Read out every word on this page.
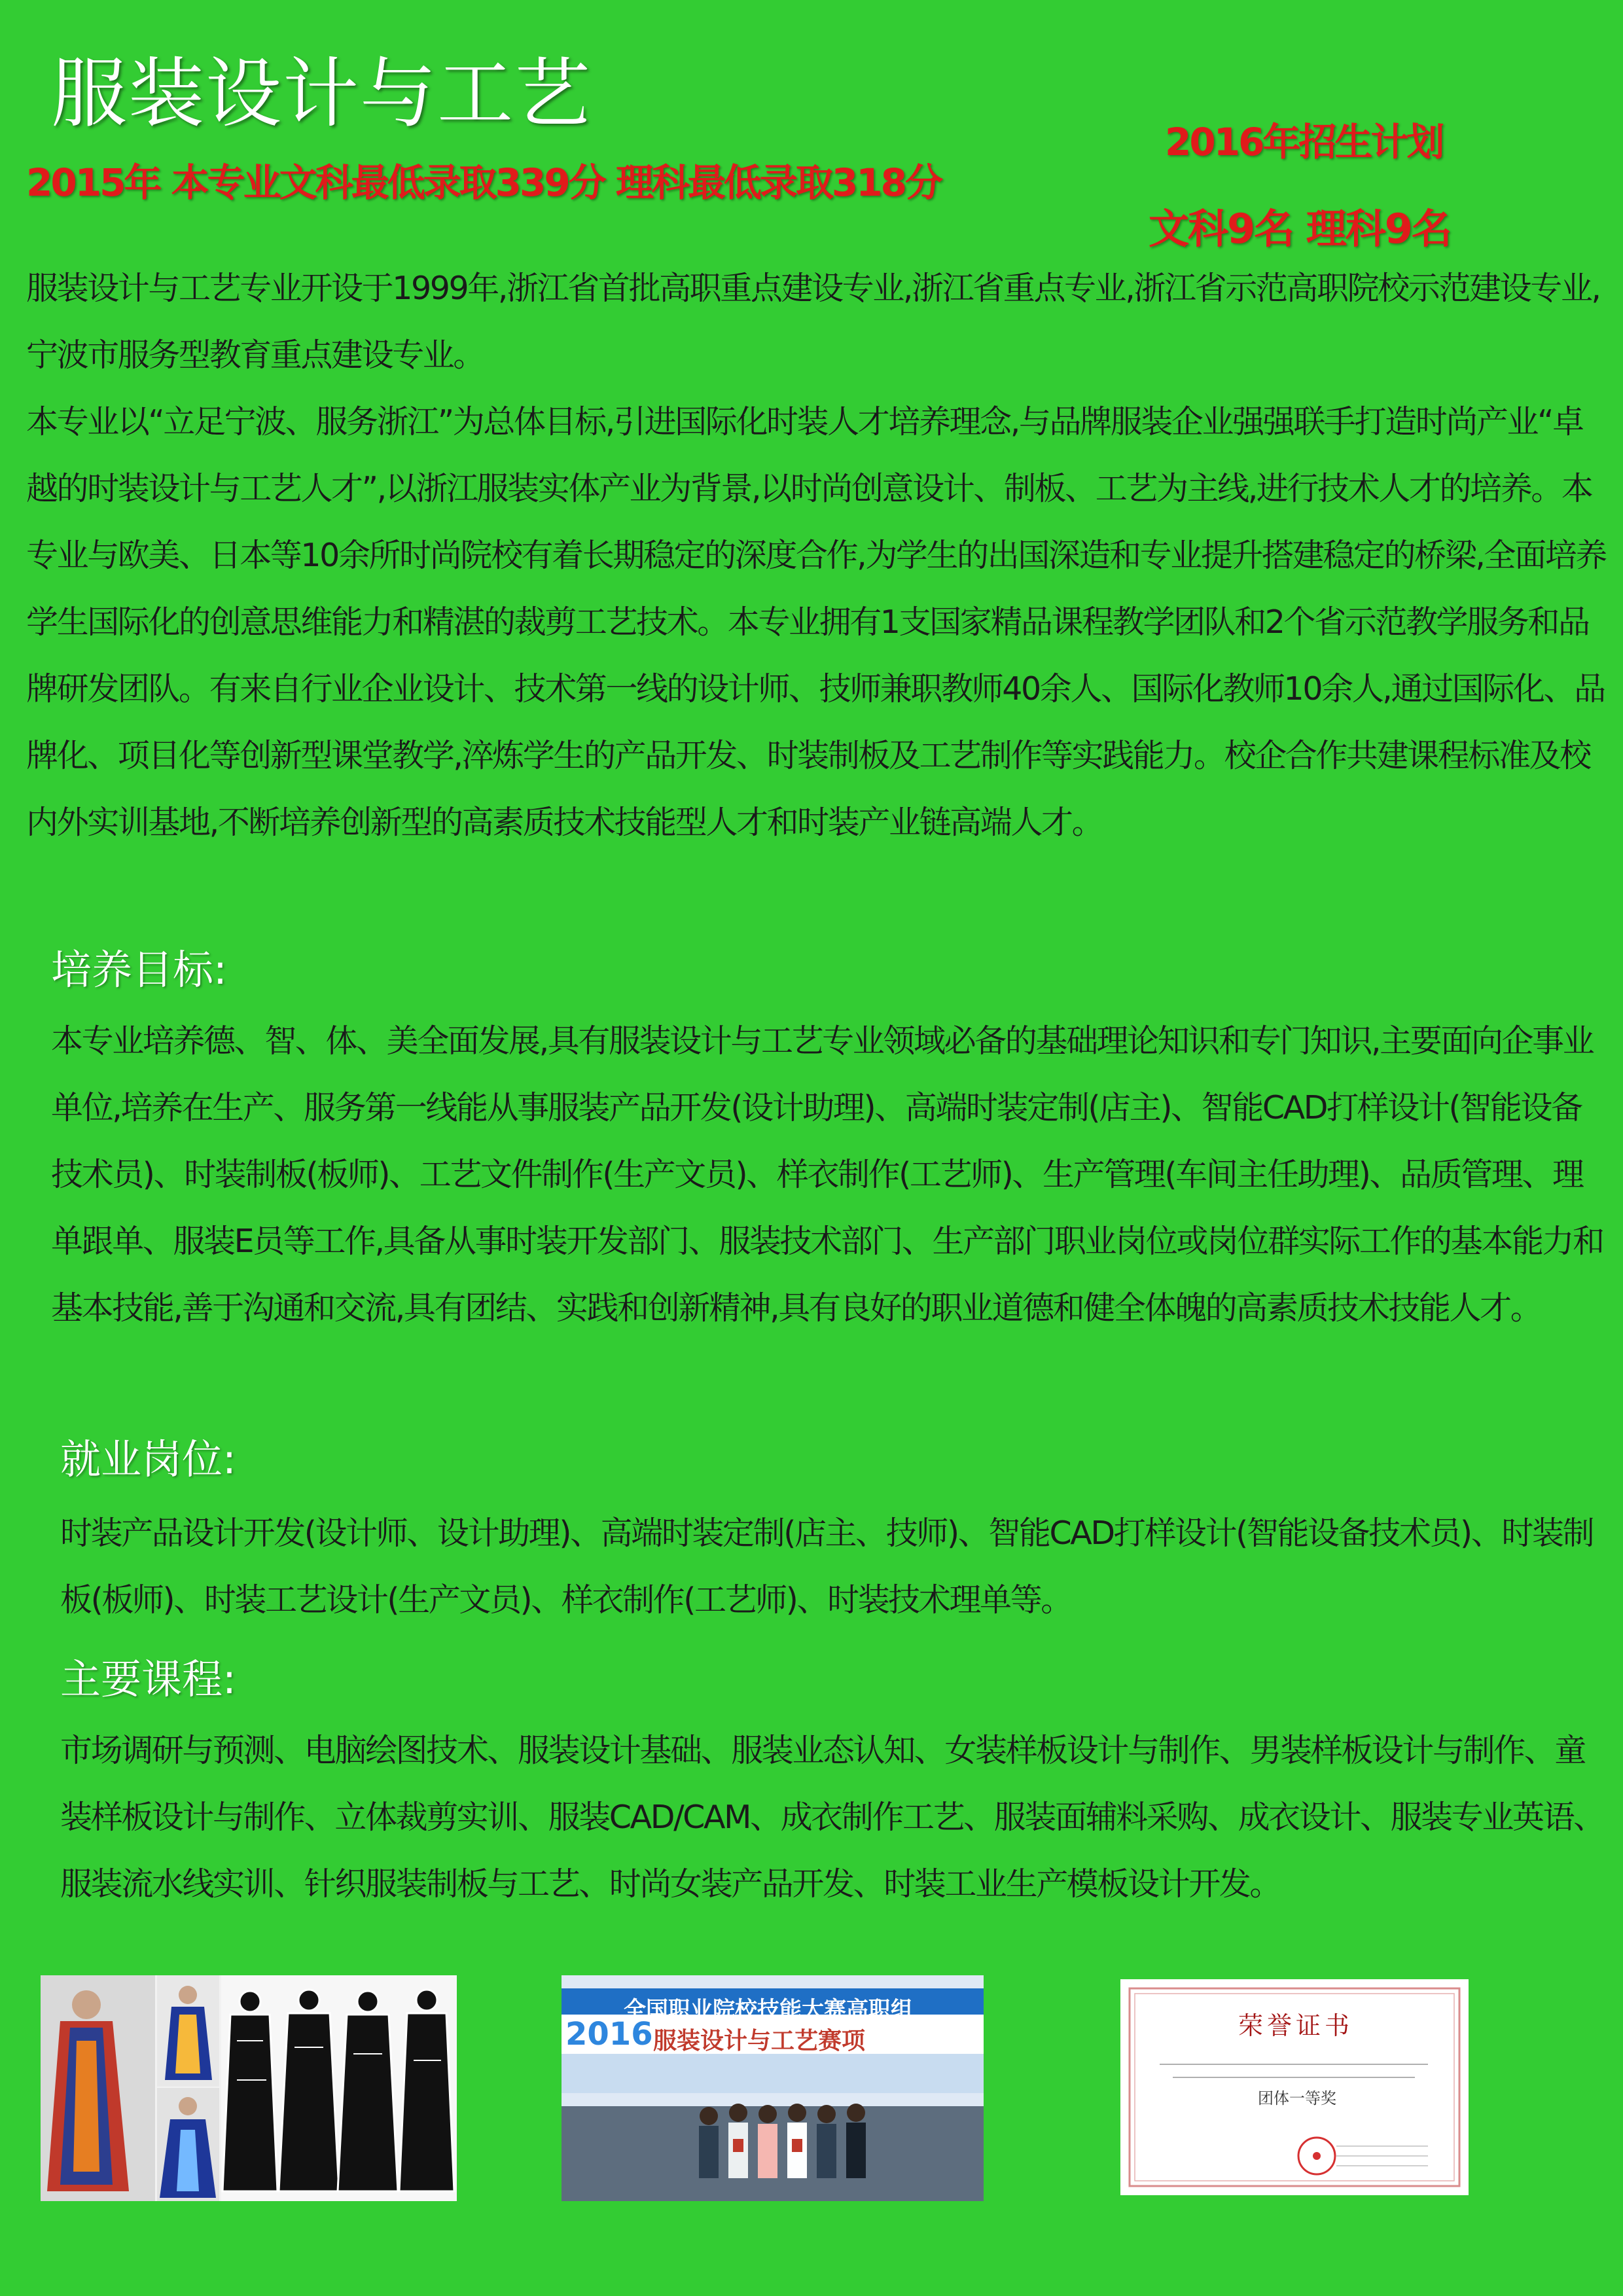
服装设计与工艺
2015年 本专业文科最低录取339分 理科最低录取318分
2016年招生计划
文科9名 理科9名

服装设计与工艺专业开设于1999年,浙江省首批高职重点建设专业,浙江省重点专业,浙江省示范高职院校示范建设专业,宁波市服务型教育重点建设专业。

本专业以“立足宁波、服务浙江”为总体目标,引进国际化时装人才培养理念,与品牌服装企业强强联手打造时尚产业“卓越的时装设计与工艺人才”,以浙江服装实体产业为背景,以时尚创意设计、制板、工艺为主线,进行技术人才的培养。本专业与欧美、日本等10余所时尚院校有着长期稳定的深度合作,为学生的出国深造和专业提升搭建稳定的桥梁,全面培养学生国际化的创意思维能力和精湛的裁剪工艺技术。本专业拥有1支国家精品课程教学团队和2个省示范教学服务和品牌研发团队。有来自行业企业设计、技术第一线的设计师、技师兼职教师40余人、国际化教师10余人,通过国际化、品牌化、项目化等创新型课堂教学,淬炼学生的产品开发、时装制板及工艺制作等实践能力。校企合作共建课程标准及校内外实训基地,不断培养创新型的高素质技术技能型人才和时装产业链高端人才。

培养目标:
本专业培养德、智、体、美全面发展,具有服装设计与工艺专业领域必备的基础理论知识和专门知识,主要面向企事业单位,培养在生产、服务第一线能从事服装产品开发(设计助理)、高端时装定制(店主)、智能CAD打样设计(智能设备技术员)、时装制板(板师)、工艺文件制作(生产文员)、样衣制作(工艺师)、生产管理(车间主任助理)、品质管理、理单跟单、服装E员等工作,具备从事时装开发部门、服装技术部门、生产部门职业岗位或岗位群实际工作的基本能力和基本技能,善于沟通和交流,具有团结、实践和创新精神,具有良好的职业道德和健全体魄的高素质技术技能人才。
就业岗位:
时装产品设计开发(设计师、设计助理)、高端时装定制(店主、技师)、智能CAD打样设计(智能设备技术员)、时装制板(板师)、时装工艺设计(生产文员)、样衣制作(工艺师)、时装技术理单等。
主要课程:
市场调研与预测、电脑绘图技术、服装设计基础、服装业态认知、女装样板设计与制作、男装样板设计与制作、童装样板设计与制作、立体裁剪实训、服装CAD/CAM、成衣制作工艺、服装面辅料采购、成衣设计、服装专业英语、服装流水线实训、针织服装制板与工艺、时尚女装产品开发、时装工业生产模板设计开发。
2016
全国职业院校技能大赛高职组
服装设计与工艺赛项
荣誉证书
团体一等奖
